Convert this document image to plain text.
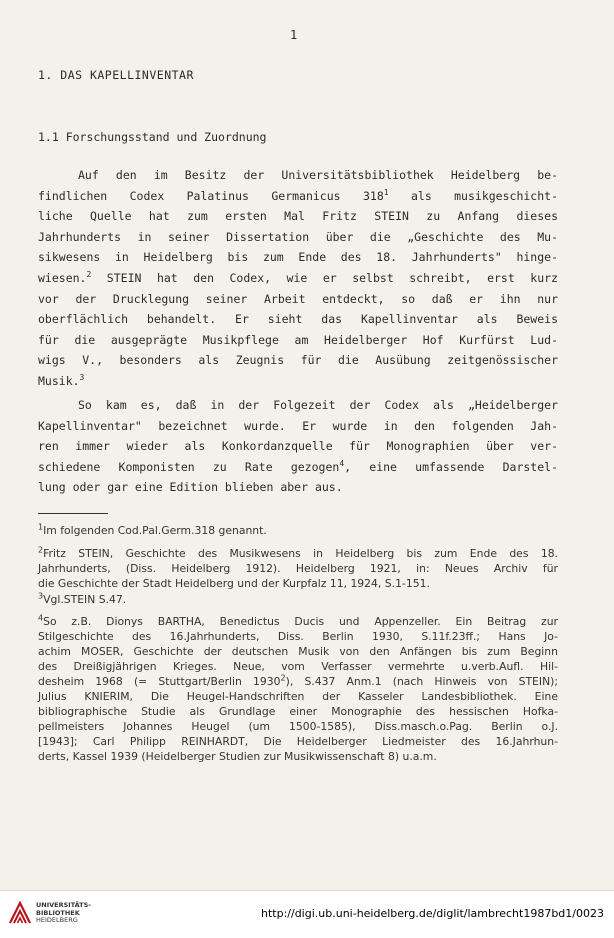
1
1. DAS KAPELLINVENTAR
1.1 Forschungsstand und Zuordnung
Auf den im Besitz der Universitätsbibliothek Heidelberg be-
findlichen Codex Palatinus Germanicus $318^1$ als musikgeschicht-
liche Quelle hat zum ersten Mal Fritz STEIN zu Anfang dieses
Jahrhunderts in seiner Dissertation über die „Geschichte des Mu-
sikwesens in Heidelberg bis zum Ende des 18. Jahrhunderts" hinge-
wiesen.$^2$ STEIN hat den Codex, wie er selbst schreibt, erst kurz
vor der Drucklegung seiner Arbeit entdeckt, so daß er ihn nur
oberflächlich behandelt. Er sieht das Kapellinventar als Beweis
für die ausgeprägte Musikpflege am Heidelberger Hof Kurfürst Lud-
wigs V., besonders als Zeugnis für die Ausübung zeitgenössischer
Musik.$^3$
So kam es, daß in der Folgezeit der Codex als „Heidelberger
Kapellinventar" bezeichnet wurde. Er wurde in den folgenden Jah-
ren immer wieder als Konkordanzquelle für Monographien über ver-
schiedene Komponisten zu Rate gezogen$^4$, eine umfassende Darstel-
lung oder gar eine Edition blieben aber aus.
$^1$Im folgenden Cod.Pal.Germ.318 genannt.
$^2$Fritz STEIN, Geschichte des Musikwesens in Heidelberg bis zum Ende des 18.
Jahrhunderts, (Diss. Heidelberg 1912). Heidelberg 1921, in: Neues Archiv für
die Geschichte der Stadt Heidelberg und der Kurpfalz 11, 1924, S.1-151.
$^3$Vgl.STEIN S.47.
$^4$So z.B. Dionys BARTHA, Benedictus Ducis und Appenzeller. Ein Beitrag zur
Stilgeschichte des 16.Jahrhunderts, Diss. Berlin 1930, S.11f.23ff.; Hans Jo-
achim MOSER, Geschichte der deutschen Musik von den Anfängen bis zum Beginn
des Dreißigjährigen Krieges. Neue, vom Verfasser vermehrte u.verb.Aufl. Hil-
desheim 1968 (= Stuttgart/Berlin 1930$^2$), S.437 Anm.1 (nach Hinweis von STEIN);
Julius KNIERIM, Die Heugel-Handschriften der Kasseler Landesbibliothek. Eine
bibliographische Studie als Grundlage einer Monographie des hessischen Hofka-
pellmeisters Johannes Heugel (um 1500-1585), Diss.masch.o.Pag. Berlin o.J.
[1943]; Carl Philipp REINHARDT, Die Heidelberger Liedmeister des 16.Jahrhun-
derts, Kassel 1939 (Heidelberger Studien zur Musikwissenschaft 8) u.a.m.
UNIVERSITÄTS-
BIBLIOTHEK
HEIDELBERG	http://digi.ub.uni-heidelberg.de/diglit/lambrecht1987bd1/0023
